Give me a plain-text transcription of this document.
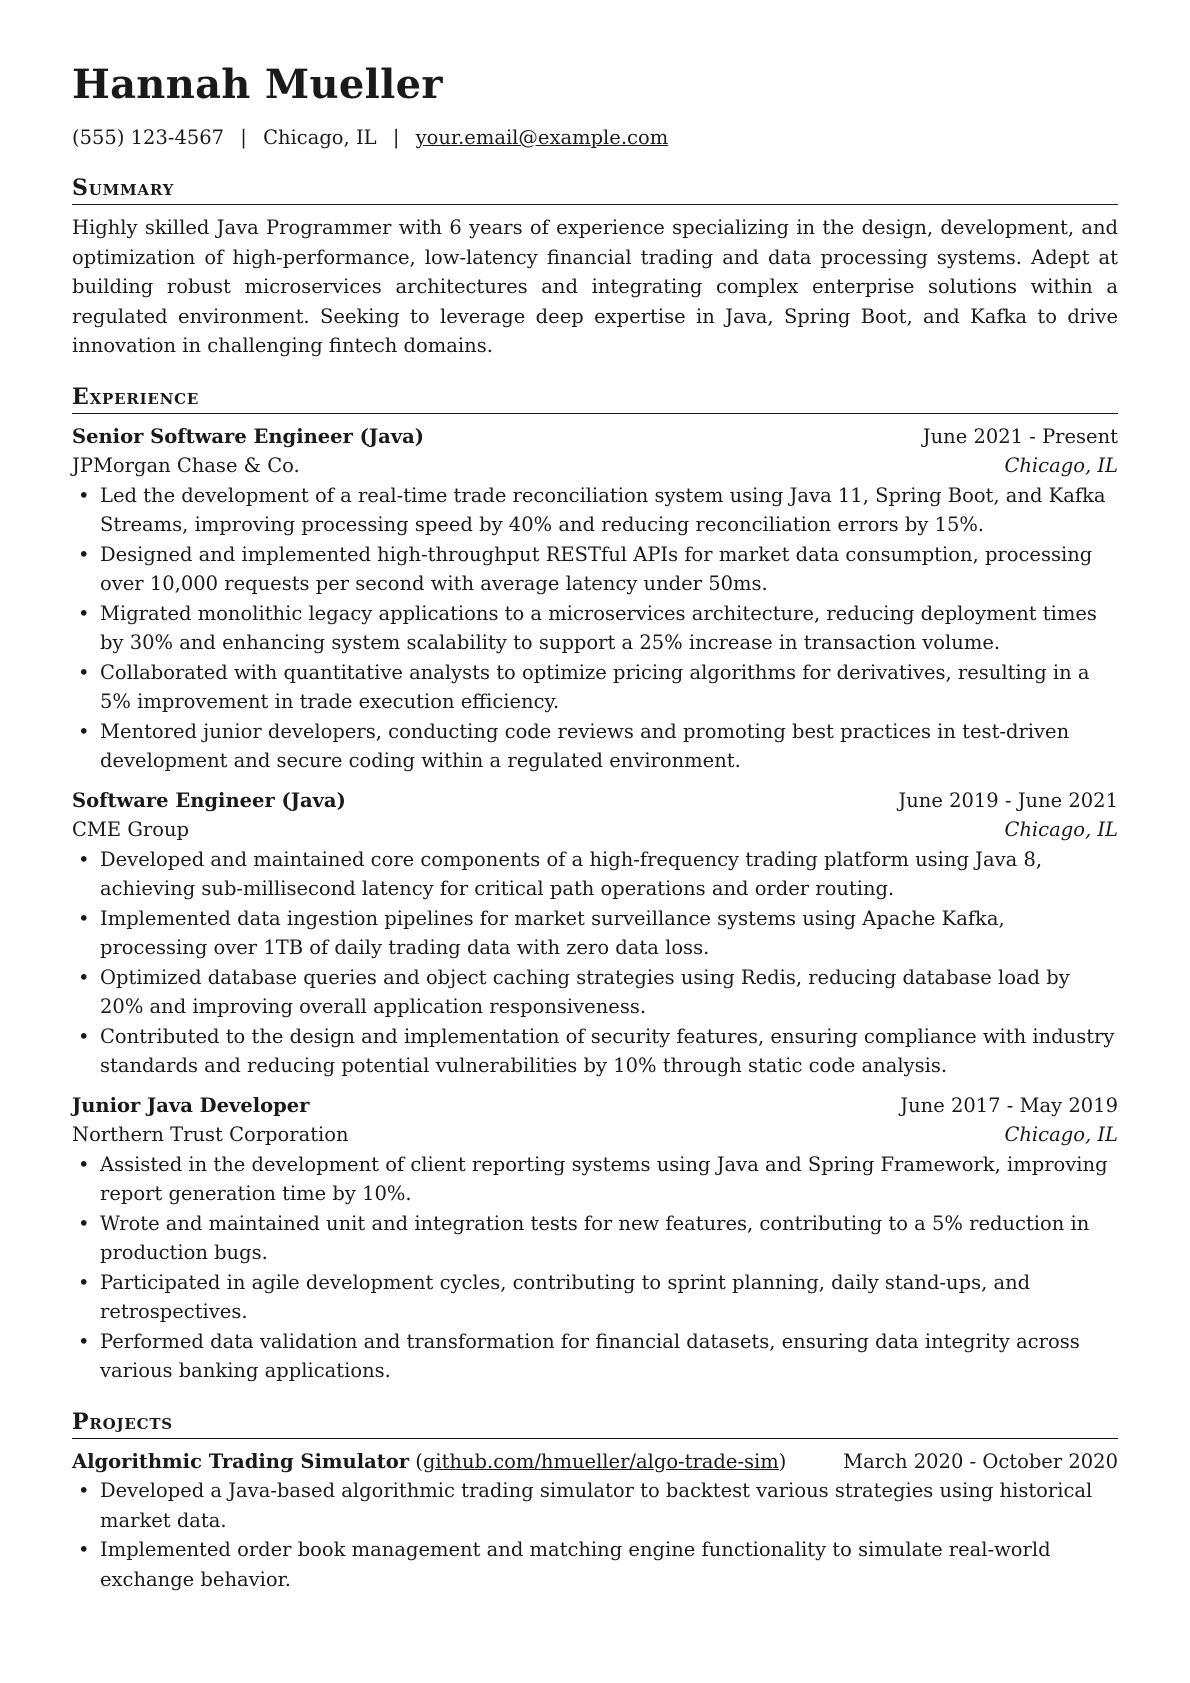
Hannah Mueller
(555) 123-4567 | Chicago, IL | your.email@example.com
Summary

Highly skilled Java Programmer with 6 years of experience specializing in the design, development, and optimization of high-performance, low-latency financial trading and data processing systems. Adept at building robust microservices architectures and integrating complex enterprise solutions within a regulated environment. Seeking to leverage deep expertise in Java, Spring Boot, and Kafka to drive innovation in challenging fintech domains.

Experience
Senior Software Engineer (Java)	June 2021 - Present
JPMorgan Chase & Co.	Chicago, IL
• Led the development of a real-time trade reconciliation system using Java 11, Spring Boot, and Kafka Streams, improving processing speed by 40% and reducing reconciliation errors by 15%.
• Designed and implemented high-throughput RESTful APIs for market data consumption, processing over 10,000 requests per second with average latency under 50ms.
• Migrated monolithic legacy applications to a microservices architecture, reducing deployment times by 30% and enhancing system scalability to support a 25% increase in transaction volume.
• Collaborated with quantitative analysts to optimize pricing algorithms for derivatives, resulting in a 5% improvement in trade execution efficiency.
• Mentored junior developers, conducting code reviews and promoting best practices in test-driven development and secure coding within a regulated environment.
Software Engineer (Java)	June 2019 - June 2021
CME Group	Chicago, IL
• Developed and maintained core components of a high-frequency trading platform using Java 8, achieving sub-millisecond latency for critical path operations and order routing.
• Implemented data ingestion pipelines for market surveillance systems using Apache Kafka, processing over 1TB of daily trading data with zero data loss.
• Optimized database queries and object caching strategies using Redis, reducing database load by 20% and improving overall application responsiveness.
• Contributed to the design and implementation of security features, ensuring compliance with industry standards and reducing potential vulnerabilities by 10% through static code analysis.
Junior Java Developer	June 2017 - May 2019
Northern Trust Corporation	Chicago, IL
• Assisted in the development of client reporting systems using Java and Spring Framework, improving report generation time by 10%.
• Wrote and maintained unit and integration tests for new features, contributing to a 5% reduction in production bugs.
• Participated in agile development cycles, contributing to sprint planning, daily stand-ups, and retrospectives.
• Performed data validation and transformation for financial datasets, ensuring data integrity across various banking applications.
Projects
Algorithmic Trading Simulator (github.com/hmueller/algo-trade-sim)	March 2020 - October 2020
• Developed a Java-based algorithmic trading simulator to backtest various strategies using historical market data.
• Implemented order book management and matching engine functionality to simulate real-world exchange behavior.
